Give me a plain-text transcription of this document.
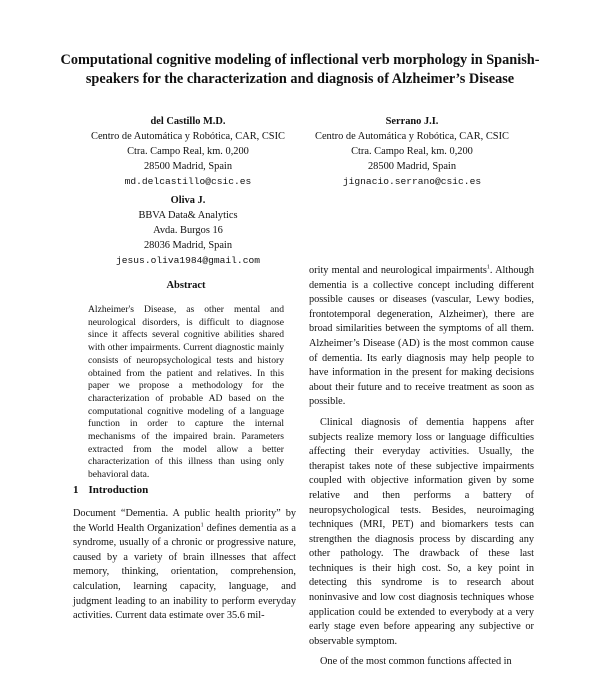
Computational cognitive modeling of inflectional verb morphology in Spanish-speakers for the characterization and diagnosis of Alzheimer’s Disease
del Castillo M.D.
Centro de Automática y Robótica, CAR, CSIC
Ctra. Campo Real, km. 0,200
28500 Madrid, Spain
md.delcastillo@csic.es
Serrano J.I.
Centro de Automática y Robótica, CAR, CSIC
Ctra. Campo Real, km. 0,200
28500 Madrid, Spain
jignacio.serrano@csic.es
Oliva J.
BBVA Data& Analytics
Avda. Burgos 16
28036 Madrid, Spain
jesus.oliva1984@gmail.com
Abstract
Alzheimer's Disease, as other mental and neurological disorders, is difficult to diagnose since it affects several cognitive abilities shared with other impairments. Current diagnostic mainly consists of neuropsychological tests and history obtained from the patient and relatives. In this paper we propose a methodology for the characterization of probable AD based on the computational cognitive modeling of a language function in order to capture the internal mechanisms of the impaired brain. Parameters extracted from the model allow a better characterization of this illness than using only behavioral data.
1 Introduction
Document “Dementia. A public health priority” by the World Health Organization$^1$ defines dementia as a syndrome, usually of a chronic or progressive nature, caused by a variety of brain illnesses that affect memory, thinking, orientation, comprehension, calculation, learning capacity, language, and judgment leading to an inability to perform everyday activities. Current data estimate over 35.6 mil-

ority mental and neurological impairments$^1$. Although dementia is a collective concept including different possible causes or diseases (vascular, Lewy bodies, frontotemporal degeneration, Alzheimer), there are broad similarities between the symptoms of all them. Alzheimer’s Disease (AD) is the most common cause of dementia. Its early diagnosis may help people to have information in the present for making decisions about their future and to receive treatment as soon as possible.

Clinical diagnosis of dementia happens after subjects realize memory loss or language difficulties affecting their everyday activities. Usually, the therapist takes note of these subjective impairments coupled with objective information given by some relative and then performs a battery of neuropsychological tests. Besides, neuroimaging techniques (MRI, PET) and biomarkers tests can strengthen the diagnosis process by discarding any other pathology. The drawback of these last techniques is their high cost. So, a key point in detecting this syndrome is to research about noninvasive and low cost diagnosis techniques whose application could be extended to everybody at a very early stage even before appearing any subjective or observable symptom.

One of the most common functions affected in
